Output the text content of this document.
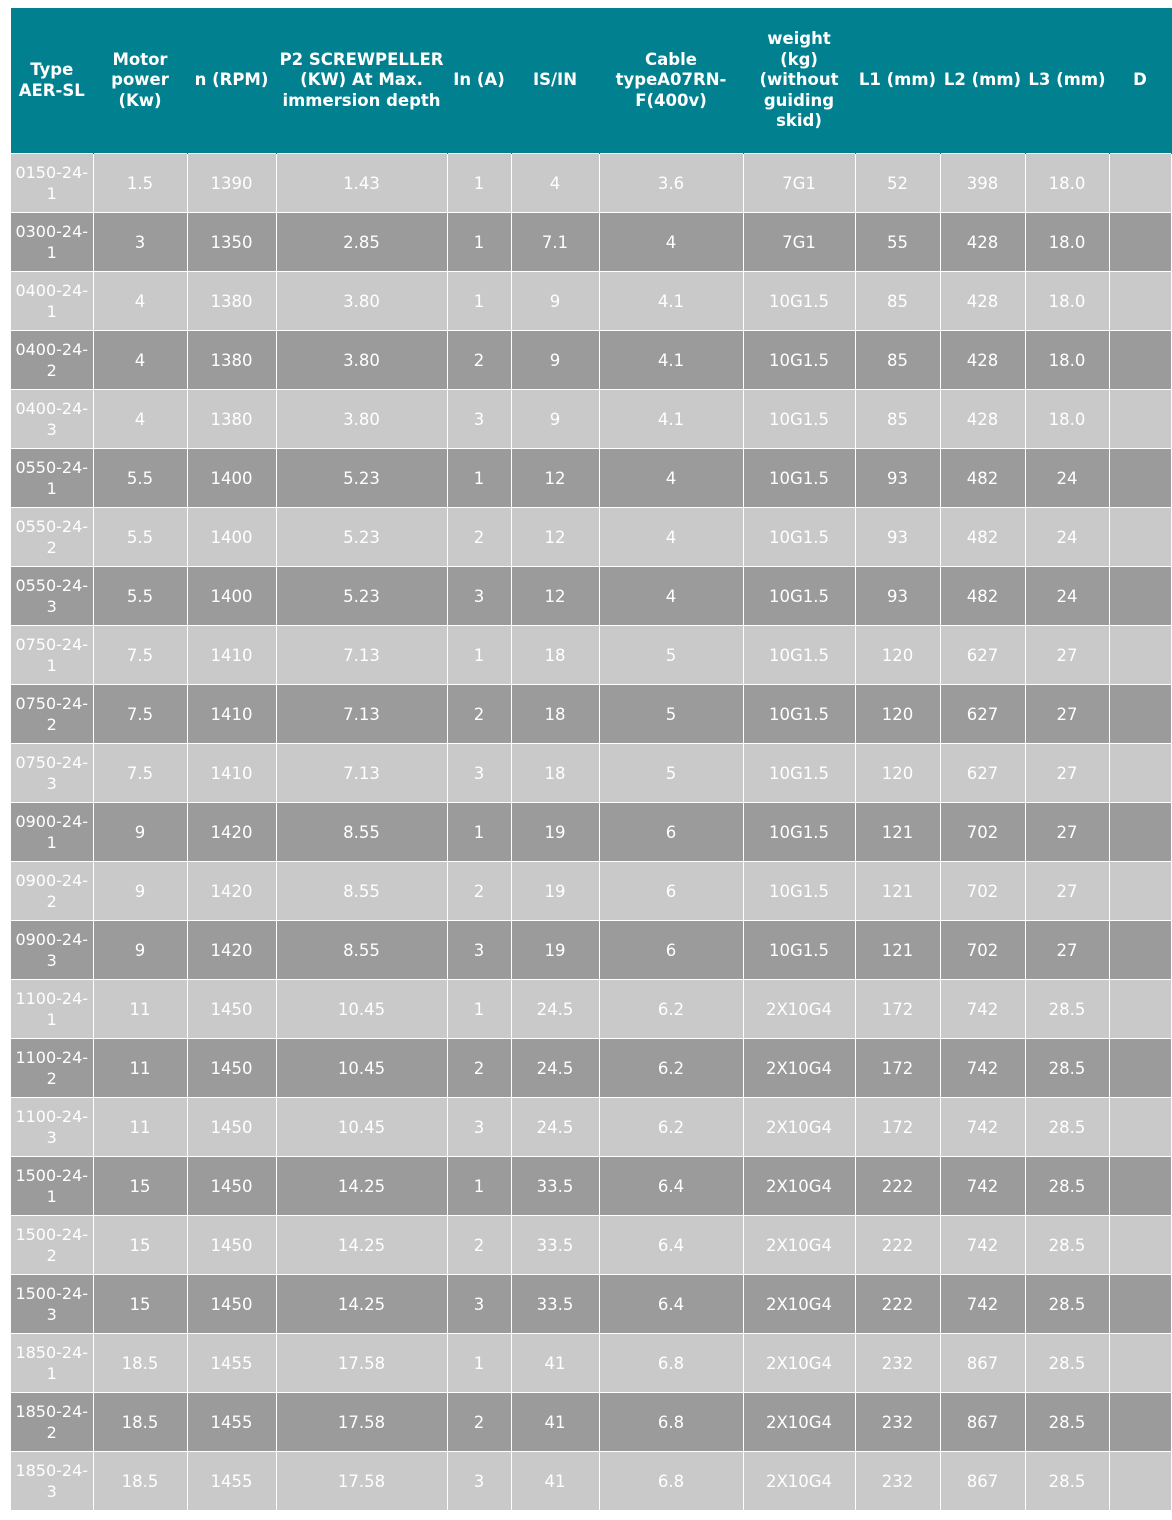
Type AER-SL	Motor power (Kw)	n (RPM)	P2 SCREWPELLER (KW) At Max. immersion depth	In (A)	IS/IN	Cable typeA07RN-F(400v)	weight (kg) (without guiding skid)	L1 (mm)	L2 (mm)	L3 (mm)	D
0150-24-1	1.5	1390	1.43	1	4	3.6	7G1	52	398	18.0	
0300-24-1	3	1350	2.85	1	7.1	4	7G1	55	428	18.0	
0400-24-1	4	1380	3.80	1	9	4.1	10G1.5	85	428	18.0	
0400-24-2	4	1380	3.80	2	9	4.1	10G1.5	85	428	18.0	
0400-24-3	4	1380	3.80	3	9	4.1	10G1.5	85	428	18.0	
0550-24-1	5.5	1400	5.23	1	12	4	10G1.5	93	482	24	
0550-24-2	5.5	1400	5.23	2	12	4	10G1.5	93	482	24	
0550-24-3	5.5	1400	5.23	3	12	4	10G1.5	93	482	24	
0750-24-1	7.5	1410	7.13	1	18	5	10G1.5	120	627	27	
0750-24-2	7.5	1410	7.13	2	18	5	10G1.5	120	627	27	
0750-24-3	7.5	1410	7.13	3	18	5	10G1.5	120	627	27	
0900-24-1	9	1420	8.55	1	19	6	10G1.5	121	702	27	
0900-24-2	9	1420	8.55	2	19	6	10G1.5	121	702	27	
0900-24-3	9	1420	8.55	3	19	6	10G1.5	121	702	27	
1100-24-1	11	1450	10.45	1	24.5	6.2	2X10G4	172	742	28.5	
1100-24-2	11	1450	10.45	2	24.5	6.2	2X10G4	172	742	28.5	
1100-24-3	11	1450	10.45	3	24.5	6.2	2X10G4	172	742	28.5	
1500-24-1	15	1450	14.25	1	33.5	6.4	2X10G4	222	742	28.5	
1500-24-2	15	1450	14.25	2	33.5	6.4	2X10G4	222	742	28.5	
1500-24-3	15	1450	14.25	3	33.5	6.4	2X10G4	222	742	28.5	
1850-24-1	18.5	1455	17.58	1	41	6.8	2X10G4	232	867	28.5	
1850-24-2	18.5	1455	17.58	2	41	6.8	2X10G4	232	867	28.5	
1850-24-3	18.5	1455	17.58	3	41	6.8	2X10G4	232	867	28.5	
